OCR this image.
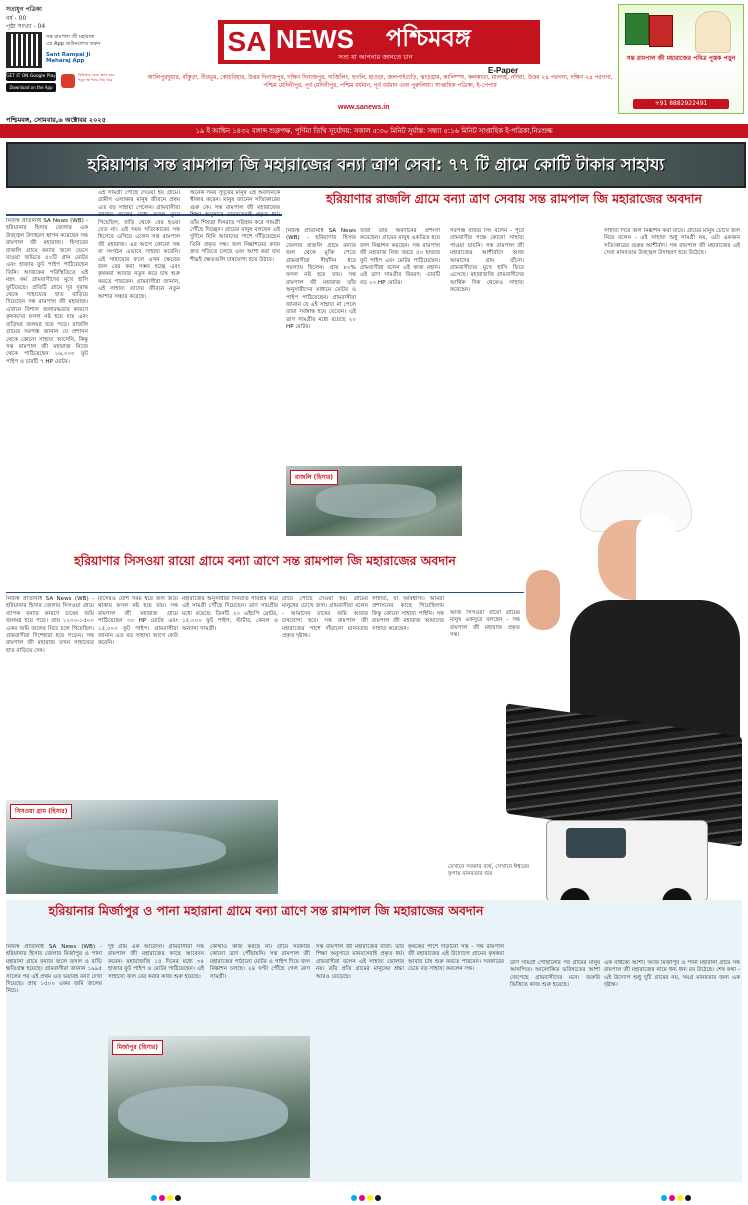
সত্যযুগ পত্রিকা
বর্ষ - 00
পৃষ্ঠা সংখ্যা - 04
Sant Rampal Ji Maharaj App
সন্ত রামপাল জী মহারাজ
এর App ডাউনলোড করুন
GET IT ON Google Play
Download on the App Store
কিউআর কোড স্ক্যান করে পড়ুন আপনার প্রিয় খবর
SA NEWS পশ্চিমবঙ্গ
সত্য যা আপনার জানতে চান
E-Paper
আলিপুরদুয়ার, বাঁকুড়া, বীরভূম, কোচবিহার, উত্তর দিনাজপুর, দক্ষিণ দিনাজপুর, দার্জিলিং, হুগলি, হাওড়া, জলপাইগুড়ি, ঝাড়গ্রাম, কালিম্পং, কলকাতা, মালদহ, নদিয়া, উত্তর ২৪ পরগনা, দক্ষিণ ২৪ পরগনা, পশ্চিম মেদিনীপুর, পূর্ব মেদিনীপুর, পশ্চিম বর্ধমান, পূর্ব বর্ধমান এবং পুরুলিয়া। সাপ্তাহিক পত্রিকা, ই-পেপার
www.sanews.in
সন্ত রামপাল জী মহারাজের পবিত্র পুস্তক পড়ুন
+91 8882922491
পশ্চিমবঙ্গ, সোমবার,৬ অক্টোবর ২০২৫
১৯ ই আশ্বিন ১৪৩২ বঙ্গাব্দ শুক্লপক্ষ, পূর্ণিমা তিথি সূর্যোদয়: সকাল ৫:৩০ মিনিট সূর্যাস্ত: সন্ধ্যা ৫:১৬ মিনিট সাপ্তাহিক ই-পত্রিকা,নিঃশুল্ক
হরিয়াণার সন্ত রামপাল জি মহারাজের বন্যা ত্রাণ সেবা: ৭৭ টি গ্রামে কোটি টাকার সাহায্য
নিজস্ব প্রতিনিধি SA News (WB) - হরিয়ানার হিসার জেলার এক উজ্জ্বল উদাহরণ স্থাপন করেছেন সন্ত রামপাল জী মহারাজ। হিসারের রাজলি গ্রামে বন্যার জলে ভেসে যাওয়া জমিতে ৫০টি গ্রাম মোটর এবং হাজার ফুট পাইপ পাঠিয়েছেন তিনি। আজকের পরিস্থিতিতে এই মহৎ কর্ম গ্রামবাসীদের মুখে হাসি ফুটিয়েছে। প্রতিটি গ্রামে দূর দূরান্ত থেকে সাহায্যের হাত বাড়িয়ে দিয়েছেন সন্ত রামপাল জী মহারাজ। এখানে বিশাল জলাবদ্ধতার কারণে কৃষকদের ফসল নষ্ট হয়ে যায় এবং বাড়িঘর জলমগ্ন হয়ে পড়ে। রাজলি গ্রামের সরপঞ্চ জানান যে প্রশাসন থেকে কোনো সাহায্য আসেনি, কিন্তু সন্ত রামপাল জী মহারাজ নিজে থেকে পাঠিয়েছেন ১৬,০০০ ফুট পাইপ ও চারটি ৭ HP মোটর।
এই সামগ্রী পৌঁছে দেওয়া হয় গ্রামে। গ্রামীণ এলাকার মানুষ জীবনে প্রথম এত বড় সাহায্য পেলেন। গ্রামবাসীরা জানান জলের মধ্যে ফসল ডুবে গিয়েছিল, বাড়ি থেকে বের হওয়া যেত না। এই সময় সত্যিকারের সন্ত হিসেবে এগিয়ে এলেন সন্ত রামপাল জী মহারাজ। এর আগে কোনো সন্ত বা সংগঠন এভাবে সাহায্য করেনি। এই সাহায্যের ফলে এখন ক্ষেতের জল বের করা সম্ভব হচ্ছে এবং কৃষকরা আবার নতুন করে চাষ শুরু করতে পারবেন। গ্রামবাসীরা জানান, এই সাহায্য তাদের জীবনে নতুন আশার সঞ্চার করেছে।
অনেক সময় সুদূরের মানুষ এই অবদানকে স্বীকার করেন। মানুষ জানেন সত্যিকারের গুরু কে। সন্ত রামপাল জী মহারাজের শিক্ষা অনুসারে মানবসেবাই প্রকৃত ধর্ম। তাঁর শিষ্যরা দিনরাত পরিশ্রম করে সামগ্রী পৌঁছে দিচ্ছেন। গ্রামের মানুষ বলছেন এই দুর্দিনে যিনি আমাদের পাশে দাঁড়িয়েছেন তিনি প্রকৃত সন্ত। জল নিষ্কাশনের কাজ দ্রুত গতিতে চলছে এবং আশা করা যায় শীঘ্রই ক্ষেতগুলি চাষযোগ্য হয়ে উঠবে।
হরিয়াণার রাজলি গ্রামে বন্যা ত্রাণ সেবায় সন্ত রামপাল জি মহারাজের অবদান
নিজস্ব প্রতিনিধি SA News (WB) - হরিয়াণার হিসার জেলার রাজলি গ্রামে বন্যার জল থেকে মুক্তি পেতে গ্রামবাসীরা দীর্ঘদিন ধরে সমস্যায় ছিলেন। প্রায় ৮০% ফসল নষ্ট হয়ে যায়। সন্ত রামপাল জী মহারাজ তাঁর অনুসারীদের মাধ্যমে মোটর ও পাইপ পাঠিয়েছেন। গ্রামবাসীরা জানান যে এই সাহায্য না পেলে তারা সর্বস্বান্ত হয়ে যেতেন। এই ত্রাণ সামগ্রীর মধ্যে রয়েছে ২০ HP মোটর।
তারা তাঁর অবদানের প্রশংসা করেছেন। গ্রামের মানুষ একত্রিত হয়ে জল নিষ্কাশন করছেন। সন্ত রামপাল জী মহারাজ নিজ খরচে ৫০ হাজার ফুট পাইপ এবং মোটর পাঠিয়েছেন। গ্রামবাসীরা বলেন এই কাজ মহান। এই ত্রাণ সামগ্রীর বিবরণ: -চারটি বড় ২০ HP মোটর।
সরপঞ্চ বজির সিং বলেন - পূর্বে গ্রামবাসীর পক্ষে কোনো সাহায্য পাওয়া যায়নি। সন্ত রামপাল জী মহারাজের আশীর্বাদে আজ আমাদের গ্রাম বাঁচল। গ্রামবাসীদের মুখে হাসি ফিরে এসেছে। মহারাজজি গ্রামবাসীদের আর্থিক দিক থেকেও সাহায্য করেছেন।
সাহায্য দিয়ে জল নিষ্কাশন করা যাবে। গ্রামের মানুষ চোখে জল নিয়ে বলেন - এই সাহায্য শুধু সামগ্রী নয়, এটা একজন সত্যিকারের গুরুর আশীর্বাদ। সন্ত রামপাল জী মহারাজের এই সেবা মানবতার উজ্জ্বল উদাহরণ হয়ে উঠেছে।
রাজলি (হিসার)
হরিয়াণার সিসওয়া রায়ো গ্রামে বন্যা ত্রাণে সন্ত রামপাল জি মহারাজের অবদান
নিজস্ব প্রতিনিধি SA News (WB) - হরিয়ানার হিসার জেলার সিসওয়া গ্রামে ব্যাপক বন্যার কারণে চাষের জমি জলমগ্ন হয়ে পড়ে। প্রায় ১২০০-১৫০০ একর জমি জলের নিচে চলে গিয়েছিল। গ্রামবাসীরা দিশেহারা হয়ে পড়েন। সন্ত রামপাল জী মহারাজ তখন সাহায্যের হাত বাড়িয়ে দেন।
মাসেরও বেশি সময় ধরে জল জমে থাকায় ফসল নষ্ট হয়ে যায়। সন্ত রামপাল জী মহারাজ গ্রামে পাঠিয়েছেন ৩০ HP মোটর এবং ১৫,০০০ ফুট পাইপ। গ্রামবাসীরা জানান এত বড় সাহায্য আগে কেউ করেনি।
মহারাজের অনুসারীরা দিনরাত পরিশ্রম করে এই সামগ্রী পৌঁছে দিয়েছেন। ত্রাণ সামগ্রীর মধ্যে রয়েছে: তিনটি ২০ এইচপি মোটর, ১৫,০০০ ফুট পাইপ, স্টার্টার, কেবল ও অন্যান্য সামগ্রী।
গ্রামে পৌঁছে দেওয়া হয়। গ্রামের মানুষের চোখে জল। গ্রামবাসীরা বলেন - আমাদের চাষের জমি আবার চাষযোগ্য হবে। সন্ত রামপাল জী মহারাজের পাশে দাঁড়ানো মানবতার প্রকৃত দৃষ্টান্ত।
সাহায্য, যা অবিশ্বাস্য। আমরা প্রশাসনের কাছে গিয়েছিলাম কিন্তু কোনো সাহায্য পাইনি। সন্ত রামপাল জী মহারাজ আমাদের সাহায্য করেছেন।
আজ সিসওয়া রায়ো গ্রামের মানুষ একসুরে বলছেন - সন্ত রামপাল জী মহারাজ প্রকৃত সন্ত।
সিসওয়া গ্রাম (হিসার)
যেখানে সরকার ব্যর্থ, সেখানে ঈশ্বরের কৃপায় মানবতার জয়
হরিয়ানার মির্জাপুর ও পানা মহারানা গ্রামে বন্যা ত্রাণে সন্ত রামপাল জি মহারাজের অবদান
নিজস্ব প্রতিনিধি SA News (WB) - হরিয়ানার হিসার জেলার মির্জাপুর ও পানা মহারানা গ্রামে বন্যার জলে ফসল ও বাড়ি ক্ষতিগ্রস্ত হয়েছে। গ্রামবাসীরা জানান ১৯৯৫ সালের পর এই প্রথম এত ভয়াবহ বন্যা দেখা দিয়েছে। প্রায় ১৫০০ একর জমি জলের নিচে।
দুই গ্রাম এক আবেদন। গ্রামবাসীরা সন্ত রামপাল জী মহারাজের কাছে আবেদন করেন। মহারাজজি ১৫ দিনের মধ্যে ৩৫ হাজার ফুট পাইপ ও মোটর পাঠিয়েছেন। এই সাহায্যে জল বের করার কাজ শুরু হয়েছে।
কোথাও কাজ করছে না। গ্রামে সরকারি কোনো ত্রাণ পৌঁছায়নি। সন্ত রামপাল জী মহারাজের পাঠানো মোটর ও পাইপ দিয়ে জল নিষ্কাশন চলছে। ২৪ ঘণ্টা পৌঁছে গেল ত্রাণ সামগ্রী।
সন্ত রামপাল জী মহারাজের বার্তা: তাঁর শিক্ষা অনুসারে মানবসেবাই প্রকৃত ধর্ম। গ্রামবাসীরা বলেন এই সাহায্য ভোলার নয়। তাঁর প্রতি গ্রামের মানুষের শ্রদ্ধা আরও বেড়েছে।
কৃষকের পাশে দাঁড়ানো সন্ত - সন্ত রামপাল জী মহারাজের এই উদ্যোগে গ্রামের কৃষকরা আবার চাষ শুরু করতে পারবেন। সরকারের চেয়ে বড় সাহায্য করলেন সন্ত।
ত্রাণ সামগ্রী পৌঁছানোর পর গ্রামের মানুষ আনন্দিত। আলোকিত ভবিষ্যতের আশা জেগেছে গ্রামবাসীদের মনে। জরুরি ভিত্তিতে কাজ শুরু হয়েছে।
এক বার্ধক্যে আশা। আজ মির্জাপুর ও পানা মহারানা গ্রামে সন্ত রামপাল জী মহারাজের নামে ধন্য ধন্য রব উঠেছে। শেষ কথা - এই উদ্যোগ শুধু দুটি গ্রামের নয়, সমগ্র মানবতার জন্য এক দৃষ্টান্ত।
মির্জাপুর (হিসার)
